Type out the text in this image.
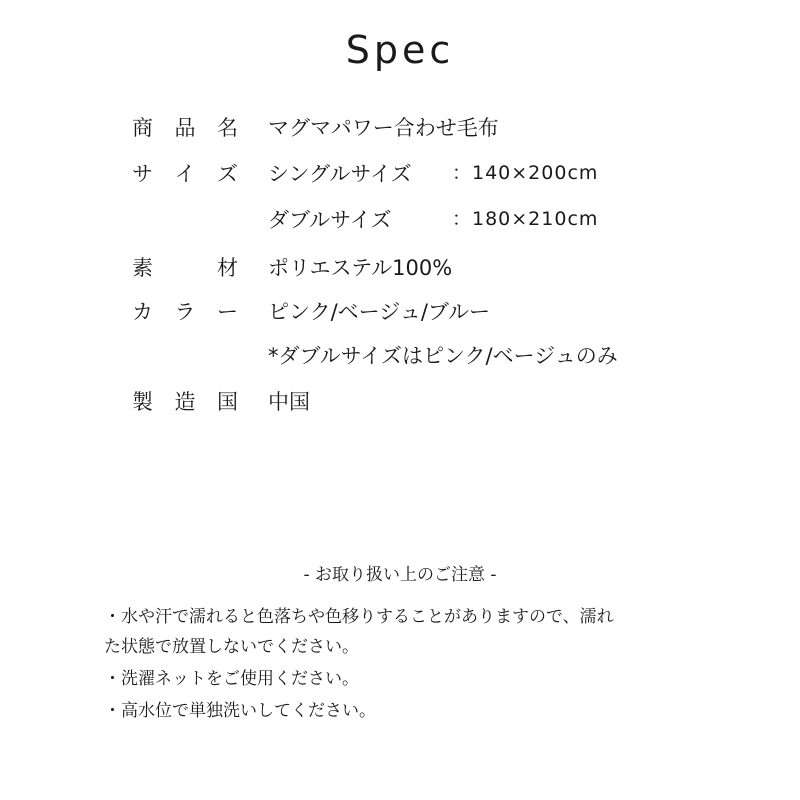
Spec
商 品 名 マグマパワー合わせ毛布
サ イ ズ シングルサイズ ：140×200cm
ダブルサイズ	：180×210cm
素	材 ポリエステル100%
カ ラ ー ピンク/ベージュ/ブルー
*ダブルサイズはピンク/ベージュのみ
製 造 国 中国
- お取り扱い上のご注意 -
・水や汗で濡れると色落ちや色移りすることがありますので、濡れ
た状態で放置しないでください。
・洗濯ネットをご使用ください。
・高水位で単独洗いしてください。
